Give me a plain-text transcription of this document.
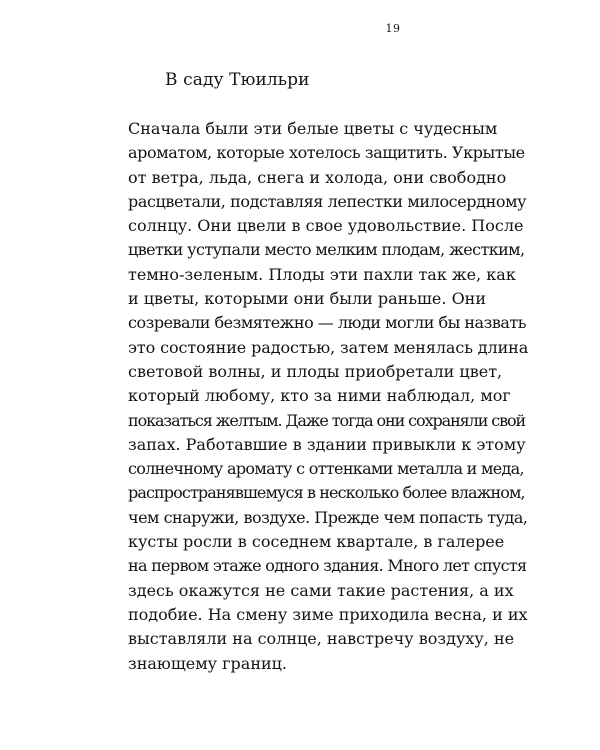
19
В саду Тюильри
Сначала были эти белые цветы с чудесным
ароматом, которые хотелось защитить. Укрытые
от ветра, льда, снега и холода, они свободно
расцветали, подставляя лепестки милосердному
солнцу. Они цвели в свое удовольствие. После
цветки уступали место мелким плодам, жестким,
темно-зеленым. Плоды эти пахли так же, как
и цветы, которыми они были раньше. Они
созревали безмятежно — люди могли бы назвать
это состояние радостью, затем менялась длина
световой волны, и плоды приобретали цвет,
который любому, кто за ними наблюдал, мог
показаться желтым. Даже тогда они сохраняли свой
запах. Работавшие в здании привыкли к этому
солнечному аромату с оттенками металла и меда,
распространявшемуся в несколько более влажном,
чем снаружи, воздухе. Прежде чем попасть туда,
кусты росли в соседнем квартале, в галерее
на первом этаже одного здания. Много лет спустя
здесь окажутся не сами такие растения, а их
подобие. На смену зиме приходила весна, и их
выставляли на солнце, навстречу воздуху, не
знающему границ.
